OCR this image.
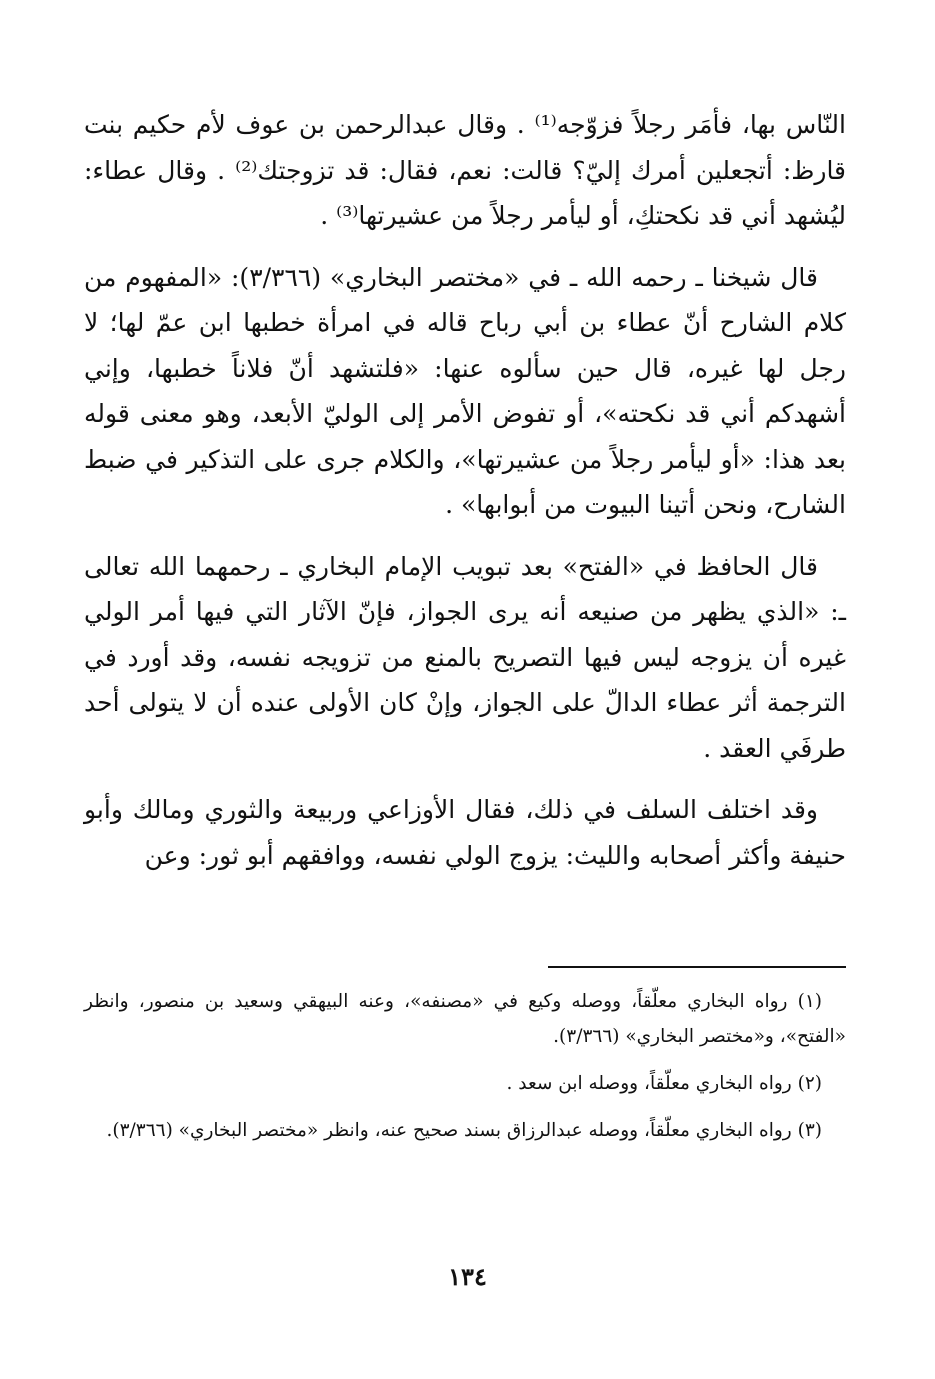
النّاس بها، فأمَر رجلاً فزوّجه⁽¹⁾ . وقال عبدالرحمن بن عوف لأم حكيم بنت قارظ: أتجعلين أمرك إليّ؟ قالت: نعم، فقال: قد تزوجتك⁽²⁾ . وقال عطاء: ليُشهد أني قد نكحتكِ، أو ليأمر رجلاً من عشيرتها⁽³⁾ .

قال شيخنا ـ رحمه الله ـ في «مختصر البخاري» (٣/٣٦٦): «المفهوم من كلام الشارح أنّ عطاء بن أبي رباح قاله في امرأة خطبها ابن عمّ لها؛ لا رجل لها غيره، قال حين سألوه عنها: «فلتشهد أنّ فلاناً خطبها، وإني أشهدكم أني قد نكحته»، أو تفوض الأمر إلى الوليّ الأبعد، وهو معنى قوله بعد هذا: «أو ليأمر رجلاً من عشيرتها»، والكلام جرى على التذكير في ضبط الشارح، ونحن أتينا البيوت من أبوابها» .

قال الحافظ في «الفتح» بعد تبويب الإمام البخاري ـ رحمهما الله تعالى ـ: «الذي يظهر من صنيعه أنه يرى الجواز، فإنّ الآثار التي فيها أمر الولي غيره أن يزوجه ليس فيها التصريح بالمنع من تزويجه نفسه، وقد أورد في الترجمة أثر عطاء الدالّ على الجواز، وإنْ كان الأولى عنده أن لا يتولى أحد طرفَي العقد .

وقد اختلف السلف في ذلك، فقال الأوزاعي وربيعة والثوري ومالك وأبو حنيفة وأكثر أصحابه والليث: يزوج الولي نفسه، ووافقهم أبو ثور: وعن

(١) رواه البخاري معلّقاً، ووصله وكيع في «مصنفه»، وعنه البيهقي وسعيد بن منصور، وانظر «الفتح»، و«مختصر البخاري» (٣/٣٦٦).

(٢) رواه البخاري معلّقاً، ووصله ابن سعد .

(٣) رواه البخاري معلّقاً، ووصله عبدالرزاق بسند صحيح عنه، وانظر «مختصر البخاري» (٣/٣٦٦).

١٣٤
